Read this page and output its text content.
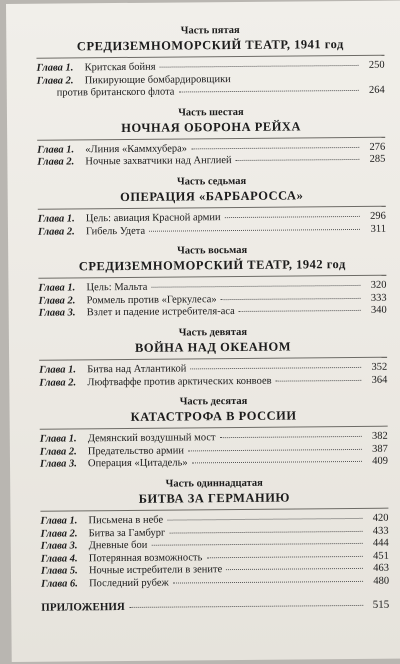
Часть пятая
СРЕДИЗЕМНОМОРСКИЙ ТЕАТР, 1941 год
Глава 1.	Критская бойня	250
Глава 2.	Пикирующие бомбардировщики
против британского флота	264
Часть шестая
НОЧНАЯ ОБОРОНА РЕЙХА
Глава 1.	«Линия «Каммхубера»	276
Глава 2.	Ночные захватчики над Англией	285
Часть седьмая
ОПЕРАЦИЯ «БАРБАРОССА»
Глава 1.	Цель: авиация Красной армии	296
Глава 2.	Гибель Удета	311
Часть восьмая
СРЕДИЗЕМНОМОРСКИЙ ТЕАТР, 1942 год
Глава 1.	Цель: Мальта	320
Глава 2.	Роммель против «Геркулеса»	333
Глава 3.	Взлет и падение истребителя-аса	340
Часть девятая
ВОЙНА НАД ОКЕАНОМ
Глава 1.	Битва над Атлантикой	352
Глава 2.	Люфтваффе против арктических конвоев	364
Часть десятая
КАТАСТРОФА В РОССИИ
Глава 1.	Демянский воздушный мост	382
Глава 2.	Предательство армии	387
Глава 3.	Операция «Цитадель»	409
Часть одиннадцатая
БИТВА ЗА ГЕРМАНИЮ
Глава 1.	Письмена в небе	420
Глава 2.	Битва за Гамбург	433
Глава 3.	Дневные бои	444
Глава 4.	Потерянная возможность	451
Глава 5.	Ночные истребители в зените	463
Глава 6.	Последний рубеж	480
ПРИЛОЖЕНИЯ	515
